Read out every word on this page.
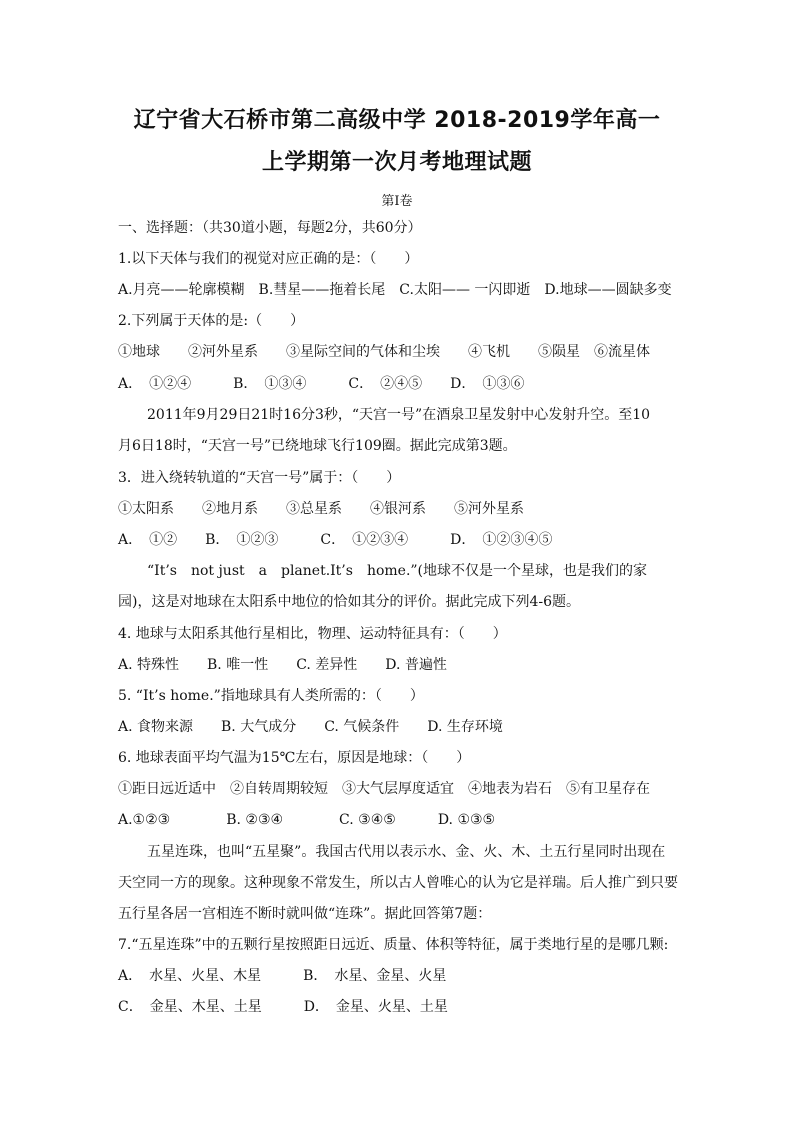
辽宁省大石桥市第二高级中学 2018-2019学年高一
上学期第一次月考地理试题
第I卷
一、选择题：（共30道小题，每题2分，共60分）
1.以下天体与我们的视觉对应正确的是：（　　）
A.月亮——轮廓模糊　B.彗星——拖着长尾　C.太阳—— 一闪即逝　D.地球——圆缺多变
2.下列属于天体的是:（　　）
①地球　　②河外星系　　③星际空间的气体和尘埃　　④飞机　　⑤陨星　⑥流星体
A．　①②④　　　B．　①③④　　　C．　②④⑤　　D．　①③⑥
2011年9月29日21时16分3秒，“天宫一号”在酒泉卫星发射中心发射升空。至10
月6日18时，“天宫一号”已绕地球飞行109圈。据此完成第3题。
3．进入绕转轨道的“天宫一号”属于：（　　）
①太阳系　　②地月系　　③总星系　　④银河系　　⑤河外星系
A．　①②　　B．　①②③　　　C．　①②③④　　　D．　①②③④⑤
“It’s　not just　a　planet.It’s　home.”(地球不仅是一个星球，也是我们的家
园)，这是对地球在太阳系中地位的恰如其分的评价。据此完成下列4-6题。
4. 地球与太阳系其他行星相比，物理、运动特征具有：（　　）
A. 特殊性　　B. 唯一性　　C. 差异性　　D. 普遍性
5. “It’s home.”指地球具有人类所需的：（　　）
A. 食物来源　　B. 大气成分　　C. 气候条件　　D. 生存环境
6. 地球表面平均气温为15℃左右，原因是地球：（　　）
①距日远近适中　②自转周期较短　③大气层厚度适宜　④地表为岩石　⑤有卫星存在
A.①②③　　　　B. ②③④　　　　C. ③④⑤　　　D. ①③⑤
五星连珠，也叫“五星聚”。我国古代用以表示水、金、火、木、土五行星同时出现在
天空同一方的现象。这种现象不常发生，所以古人曾唯心的认为它是祥瑞。后人推广到只要
五行星各居一宫相连不断时就叫做“连珠”。据此回答第7题：
7.“五星连珠”中的五颗行星按照距日远近、质量、体积等特征，属于类地行星的是哪几颗:
A．　水星、火星、木星　　　B．　水星、金星、火星
C．　金星、木星、土星　　　D．　金星、火星、土星
